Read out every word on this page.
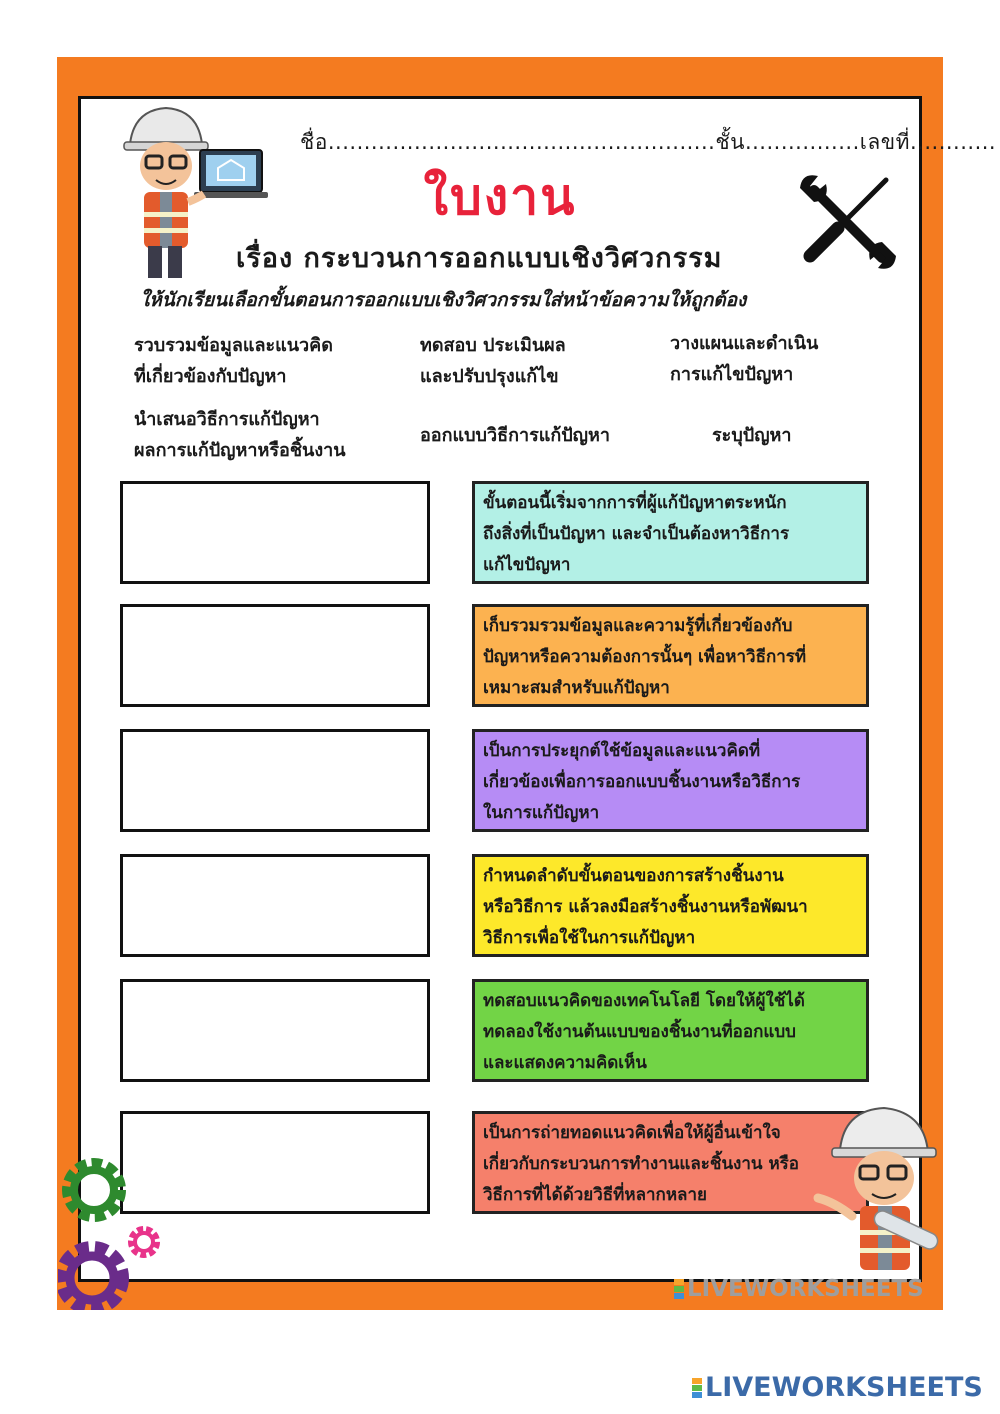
ชื่อ......................................................ชั้น................เลขที่............
ใบงาน
เรื่อง กระบวนการออกแบบเชิงวิศวกรรม
ให้นักเรียนเลือกขั้นตอนการออกแบบเชิงวิศวกรรมใส่หน้าข้อความให้ถูกต้อง
รวบรวมข้อมูลและแนวคิด
ที่เกี่ยวข้องกับปัญหา
ทดสอบ ประเมินผล
และปรับปรุงแก้ไข
วางแผนและดำเนิน
การแก้ไขปัญหา
นำเสนอวิธีการแก้ปัญหา
ผลการแก้ปัญหาหรือชิ้นงาน
ออกแบบวิธีการแก้ปัญหา	ระบุปัญหา
ขั้นตอนนี้เริ่มจากการที่ผู้แก้ปัญหาตระหนัก
ถึงสิ่งที่เป็นปัญหา และจำเป็นต้องหาวิธีการ
แก้ไขปัญหา
เก็บรวมรวมข้อมูลและความรู้ที่เกี่ยวข้องกับ
ปัญหาหรือความต้องการนั้นๆ เพื่อหาวิธีการที่
เหมาะสมสำหรับแก้ปัญหา
เป็นการประยุกต์ใช้ข้อมูลและแนวคิดที่
เกี่ยวข้องเพื่อการออกแบบชิ้นงานหรือวิธีการ
ในการแก้ปัญหา
กำหนดลำดับขั้นตอนของการสร้างชิ้นงาน
หรือวิธีการ แล้วลงมือสร้างชิ้นงานหรือพัฒนา
วิธีการเพื่อใช้ในการแก้ปัญหา
ทดสอบแนวคิดของเทคโนโลยี โดยให้ผู้ใช้ได้
ทดลองใช้งานต้นแบบของชิ้นงานที่ออกแบบ
และแสดงความคิดเห็น
เป็นการถ่ายทอดแนวคิดเพื่อให้ผู้อื่นเข้าใจ
เกี่ยวกับกระบวนการทำงานและชิ้นงาน หรือ
วิธีการที่ได้ด้วยวิธีที่หลากหลาย
LIVEWORKSHEETS
LIVEWORKSHEETS
